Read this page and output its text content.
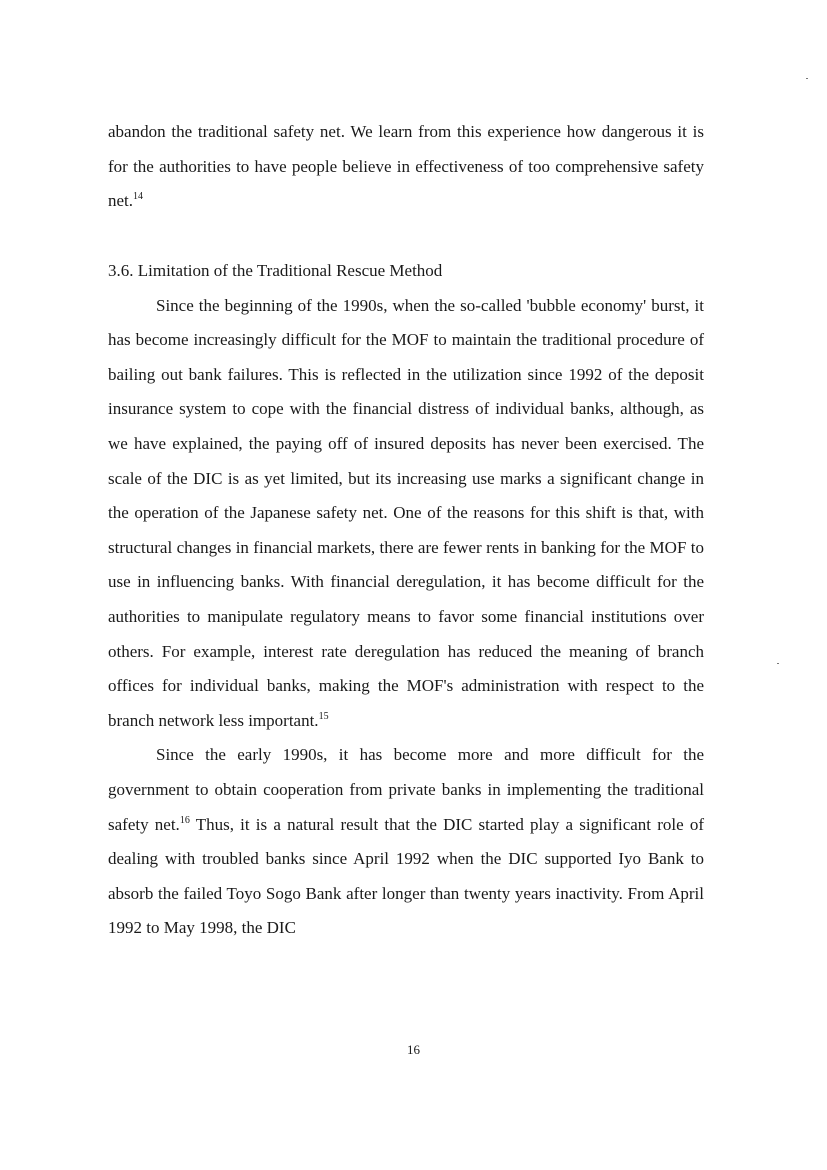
abandon the traditional safety net. We learn from this experience how dangerous it is for the authorities to have people believe in effectiveness of too comprehensive safety net.$^{14}$

3.6. Limitation of the Traditional Rescue Method

Since the beginning of the 1990s, when the so-called 'bubble economy' burst, it has become increasingly difficult for the MOF to maintain the traditional procedure of bailing out bank failures. This is reflected in the utilization since 1992 of the deposit insurance system to cope with the financial distress of individual banks, although, as we have explained, the paying off of insured deposits has never been exercised. The scale of the DIC is as yet limited, but its increasing use marks a significant change in the operation of the Japanese safety net. One of the reasons for this shift is that, with structural changes in financial markets, there are fewer rents in banking for the MOF to use in influencing banks. With financial deregulation, it has become difficult for the authorities to manipulate regulatory means to favor some financial institutions over others. For example, interest rate deregulation has reduced the meaning of branch offices for individual banks, making the MOF's administration with respect to the branch network less important.$^{15}$

Since the early 1990s, it has become more and more difficult for the government to obtain cooperation from private banks in implementing the traditional safety net.$^{16}$ Thus, it is a natural result that the DIC started play a significant role of dealing with troubled banks since April 1992 when the DIC supported Iyo Bank to absorb the failed Toyo Sogo Bank after longer than twenty years inactivity. From April 1992 to May 1998, the DIC

16
